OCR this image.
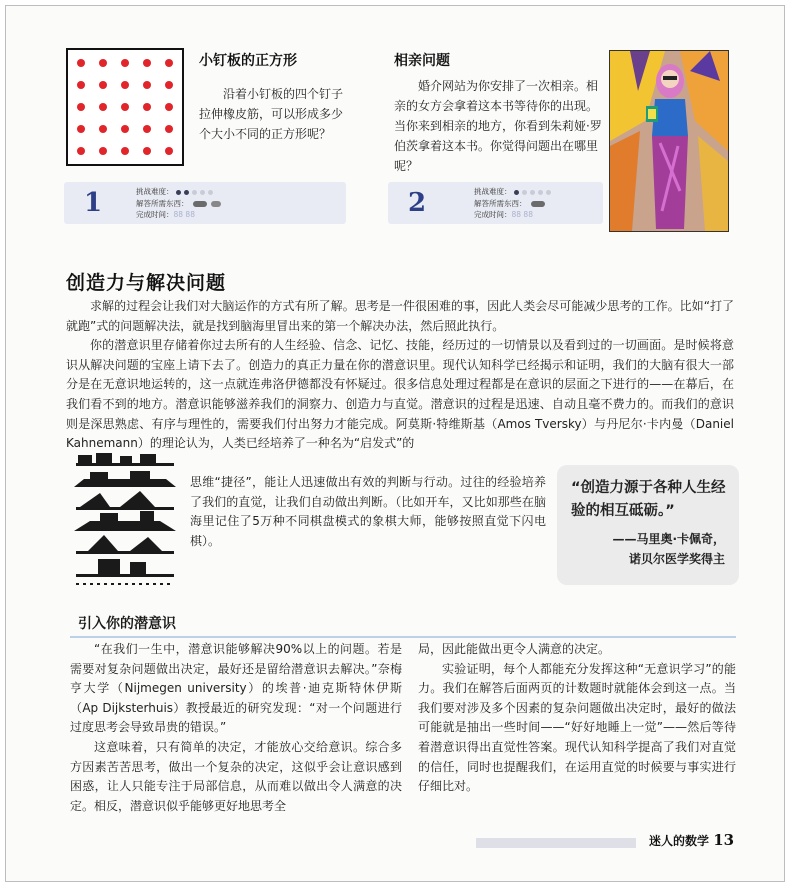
小钉板的正方形
沿着小钉板的四个钉子拉伸橡皮筋，可以形成多少个大小不同的正方形呢？
1	挑战难度：
解答所需东西：
完成时间：88 88
相亲问题
婚介网站为你安排了一次相亲。相亲的女方会拿着这本书等待你的出现。当你来到相亲的地方，你看到朱莉娅·罗伯茨拿着这本书。你觉得问题出在哪里呢？
2	挑战难度：
解答所需东西：
完成时间：88 88
创造力与解决问题

求解的过程会让我们对大脑运作的方式有所了解。思考是一件很困难的事，因此人类会尽可能减少思考的工作。比如“打了就跑”式的问题解决法，就是找到脑海里冒出来的第一个解决办法，然后照此执行。

你的潜意识里存储着你过去所有的人生经验、信念、记忆、技能，经历过的一切情景以及看到过的一切画面。是时候将意识从解决问题的宝座上请下去了。创造力的真正力量在你的潜意识里。现代认知科学已经揭示和证明，我们的大脑有很大一部分是在无意识地运转的，这一点就连弗洛伊德都没有怀疑过。很多信息处理过程都是在意识的层面之下进行的——在幕后，在我们看不到的地方。潜意识能够滋养我们的洞察力、创造力与直觉。潜意识的过程是迅速、自动且毫不费力的。而我们的意识则是深思熟虑、有序与理性的，需要我们付出努力才能完成。阿莫斯·特维斯基（Amos Tversky）与丹尼尔·卡内曼（Daniel Kahnemann）的理论认为，人类已经培养了一种名为“启发式”的

思维“捷径”，能让人迅速做出有效的判断与行动。过往的经验培养了我们的直觉，让我们自动做出判断。（比如开车，又比如那些在脑海里记住了5万种不同棋盘模式的象棋大师，能够按照直觉下闪电棋）。
“创造力源于各种人生经验的相互砥砺。”
——马里奥·卡佩奇，
诺贝尔医学奖得主
引入你的潜意识

“在我们一生中，潜意识能够解决90%以上的问题。若是需要对复杂问题做出决定，最好还是留给潜意识去解决。”奈梅亨大学（Nijmegen university）的埃普·迪克斯特休伊斯（Ap Dijksterhuis）教授最近的研究发现：“对一个问题进行过度思考会导致昂贵的错误。”

这意味着，只有简单的决定，才能放心交给意识。综合多方因素苦苦思考，做出一个复杂的决定，这似乎会让意识感到困惑，让人只能专注于局部信息，从而难以做出令人满意的决定。相反，潜意识似乎能够更好地思考全

局，因此能做出更令人满意的决定。

实验证明，每个人都能充分发挥这种“无意识学习”的能力。我们在解答后面两页的计数题时就能体会到这一点。当我们要对涉及多个因素的复杂问题做出决定时，最好的做法可能就是抽出一些时间——“好好地睡上一觉”——然后等待着潜意识得出直觉性答案。现代认知科学提高了我们对直觉的信任，同时也提醒我们，在运用直觉的时候要与事实进行仔细比对。

迷人的数学 13
